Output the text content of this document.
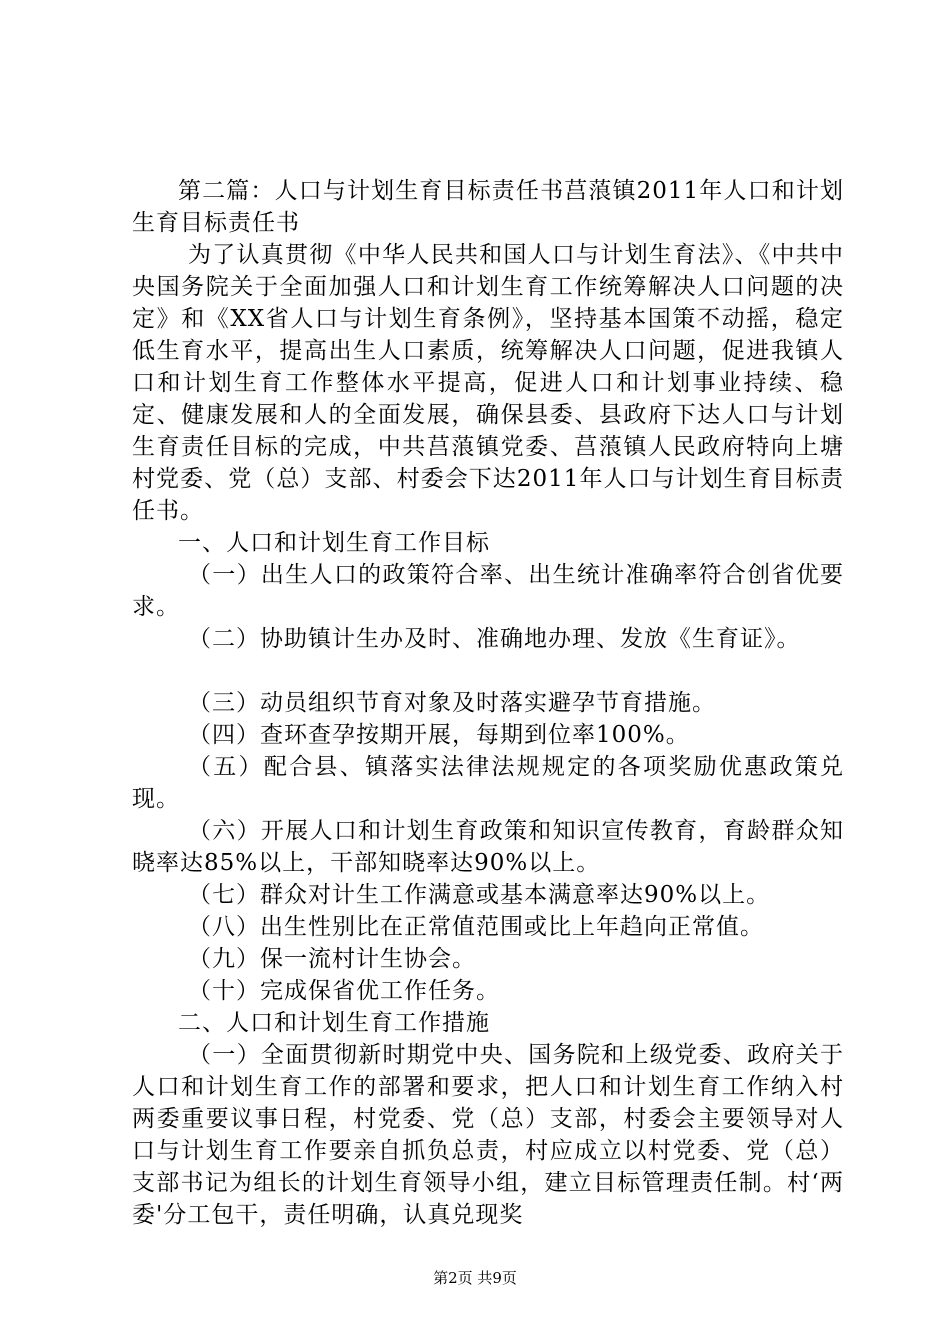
第二篇：人口与计划生育目标责任书莒蒗镇2011年人口和计划生育目标责任书

为了认真贯彻《中华人民共和国人口与计划生育法》、《中共中央国务院关于全面加强人口和计划生育工作统筹解决人口问题的决定》和《XX省人口与计划生育条例》，坚持基本国策不动摇，稳定低生育水平，提高出生人口素质，统筹解决人口问题，促进我镇人口和计划生育工作整体水平提高，促进人口和计划事业持续、稳定、健康发展和人的全面发展，确保县委、县政府下达人口与计划生育责任目标的完成，中共莒蒗镇党委、莒蒗镇人民政府特向上塘村党委、党（总）支部、村委会下达2011年人口与计划生育目标责任书。

一、人口和计划生育工作目标

（一）出生人口的政策符合率、出生统计准确率符合创省优要求。

（二）协助镇计生办及时、准确地办理、发放《生育证》。

（三）动员组织节育对象及时落实避孕节育措施。

（四）查环查孕按期开展，每期到位率100%。

（五）配合县、镇落实法律法规规定的各项奖励优惠政策兑现。

（六）开展人口和计划生育政策和知识宣传教育，育龄群众知晓率达85%以上，干部知晓率达90%以上。

（七）群众对计生工作满意或基本满意率达90%以上。

（八）出生性别比在正常值范围或比上年趋向正常值。

（九）保一流村计生协会。

（十）完成保省优工作任务。

二、人口和计划生育工作措施

（一）全面贯彻新时期党中央、国务院和上级党委、政府关于人口和计划生育工作的部署和要求，把人口和计划生育工作纳入村两委重要议事日程，村党委、党（总）支部，村委会主要领导对人口与计划生育工作要亲自抓负总责，村应成立以村党委、党（总）支部书记为组长的计划生育领导小组，建立目标管理责任制。村‘两委'分工包干，责任明确，认真兑现奖

第2页 共9页
